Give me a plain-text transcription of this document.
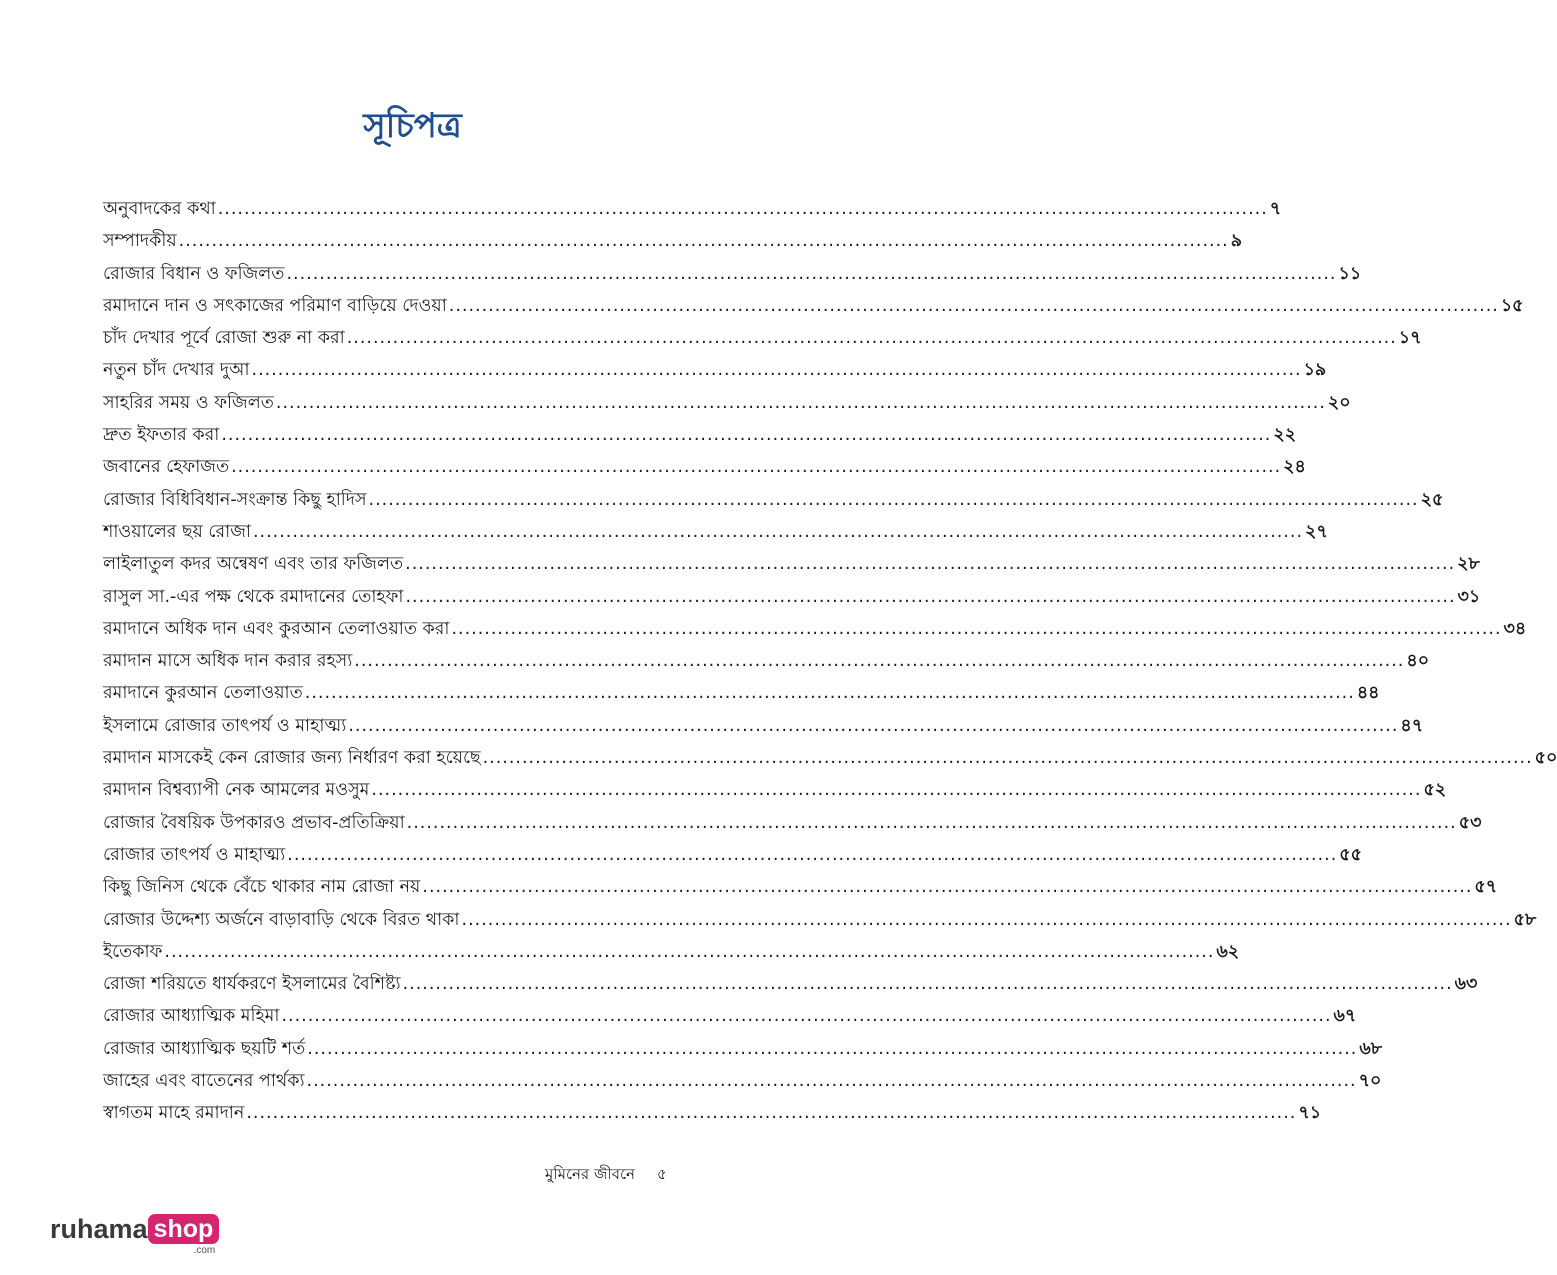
সূচিপত্র
অনুবাদকের কথা .....	৭
সম্পাদকীয় .....	৯
রোজার বিধান ও ফজিলত .....	১১
রমাদানে দান ও সৎকাজের পরিমাণ বাড়িয়ে দেওয়া .....	১৫
চাঁদ দেখার পূর্বে রোজা শুরু না করা .....	১৭
নতুন চাঁদ দেখার দুআ .....	১৯
সাহরির সময় ও ফজিলত .....	২০
দ্রুত ইফতার করা .....	২২
জবানের হেফাজত .....	২৪
রোজার বিধিবিধান-সংক্রান্ত কিছু হাদিস .....	২৫
শাওয়ালের ছয় রোজা .....	২৭
লাইলাতুল কদর অন্বেষণ এবং তার ফজিলত .....	২৮
রাসুল সা.-এর পক্ষ থেকে রমাদানের তোহফা .....	৩১
রমাদানে অধিক দান এবং কুরআন তেলাওয়াত করা .....	৩৪
রমাদান মাসে অধিক দান করার রহস্য .....	৪০
রমাদানে কুরআন তেলাওয়াত .....	৪৪
ইসলামে রোজার তাৎপর্য ও মাহাত্ম্য .....	৪৭
রমাদান মাসকেই কেন রোজার জন্য নির্ধারণ করা হয়েছে .....	৫০
রমাদান বিশ্বব্যাপী নেক আমলের মওসুম .....	৫২
রোজার বৈষয়িক উপকারও প্রভাব-প্রতিক্রিয়া .....	৫৩
রোজার তাৎপর্য ও মাহাত্ম্য .....	৫৫
কিছু জিনিস থেকে বেঁচে থাকার নাম রোজা নয় .....	৫৭
রোজার উদ্দেশ্য অর্জনে বাড়াবাড়ি থেকে বিরত থাকা .....	৫৮
ইতেকাফ .....	৬২
রোজা শরিয়তে ধার্যকরণে ইসলামের বৈশিষ্ট্য .....	৬৩
রোজার আধ্যাত্মিক মহিমা .....	৬৭
রোজার আধ্যাত্মিক ছয়টি শর্ত .....	৬৮
জাহের এবং বাতেনের পার্থক্য .....	৭০
স্বাগতম মাহে রমাদান .....	৭১
মুমিনের জীবনে ৫
ruhama shop
.com
